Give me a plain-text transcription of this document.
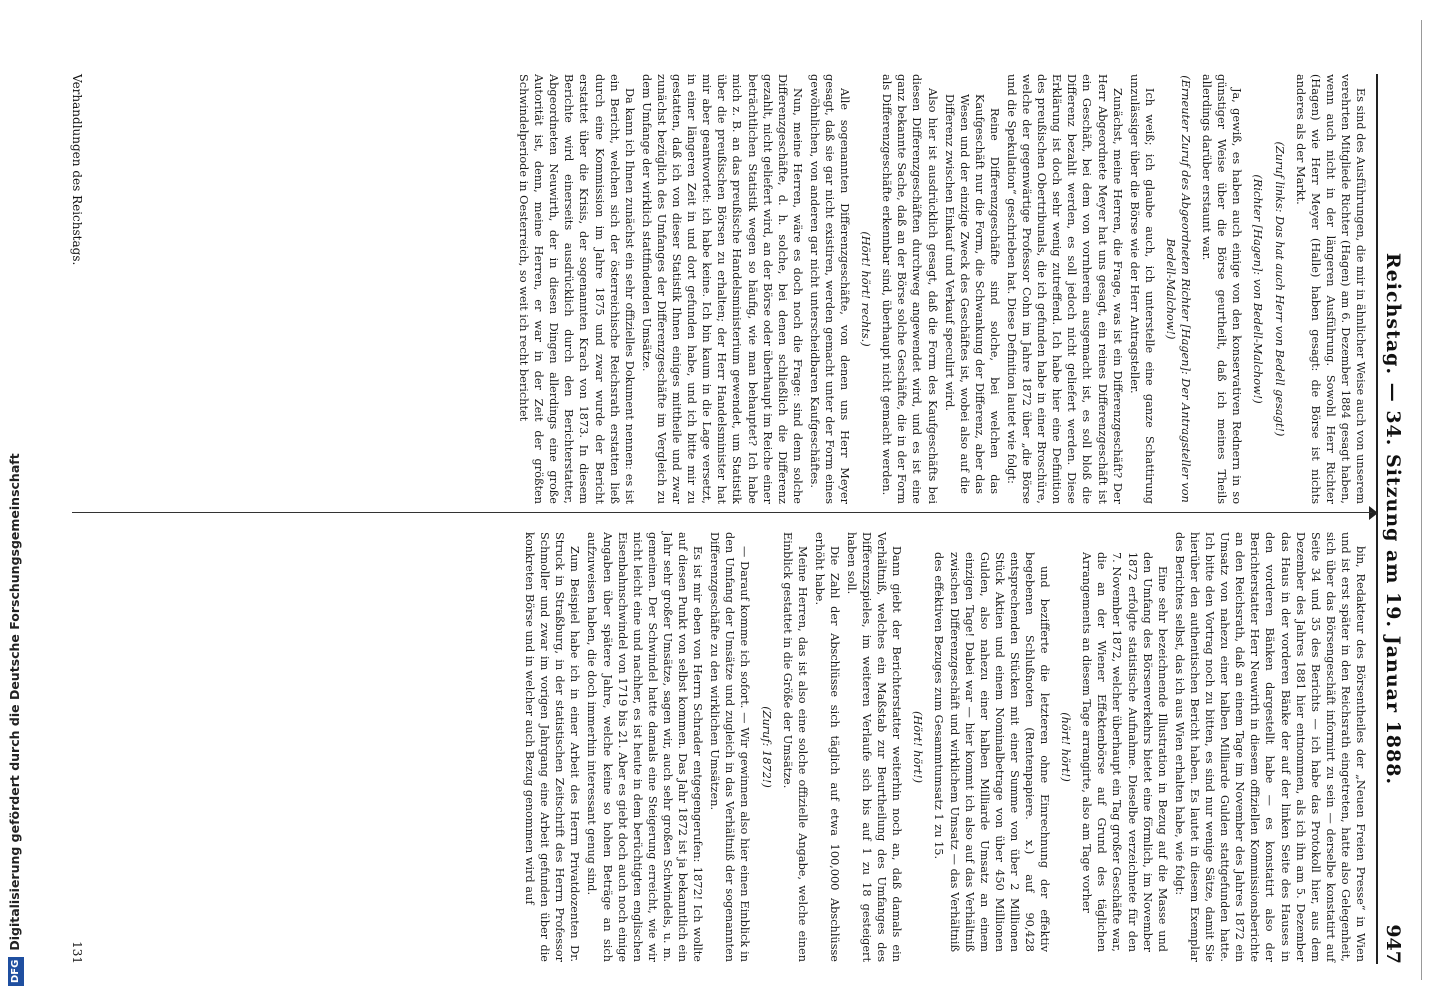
DFGDigitalisierung gefördert durch die Deutsche Forschungsgemeinschaft	Reichstag. — 34. Sitzung am 19. Januar 1888.
947

Es sind des Ausführungen, die mir in ähnlicher Weise auch von unserem verehrten Mitgliede Richter (Hagen) am 6. Dezember 1884 gesagt haben, wenn auch nicht in der längeren Ausführung. Sowohl Herr Richter (Hagen) wie Herr Meyer (Halle) haben gesagt: die Börse ist nichts anderes als der Markt.

(Zuruf links: Das hat auch Herr von Bedell gesagt!)

(Richter [Hagen]: von Bedell-Malchow!)

Ja, gewiß, es haben auch einige von den konservativen Rednern in so günstiger Weise über die Börse geurtheilt, daß ich meines Theils allerdings darüber erstaunt war.

(Erneuter Zuruf des Abgeordneten Richter [Hagen]: Der Antragsteller von Bedell-Malchow!)

Ich weiß; ich glaube auch, ich unterstelle eine ganze Schattirung unzulässiger über die Börse wie der Herr Antragsteller.

Zunächst, meine Herren, die Frage, was ist ein Differenzgeschäft? Der Herr Abgeordnete Meyer hat uns gesagt, ein reines Differenzgeschäft ist ein Geschäft, bei dem von vornherein ausgemacht ist, es soll bloß die Differenz bezahlt werden, es soll jedoch nicht geliefert werden. Diese Erklärung ist doch sehr wenig zutreffend. Ich habe hier eine Definition des preußischen Obertribunals, die ich gefunden habe in einer Broschüre, welche der gegenwärtige Professor Cohn im Jahre 1872 über „die Börse und die Spekulation“ geschrieben hat. Diese Definition lautet wie folgt:

Reine Differenzgeschäfte sind solche, bei welchen das Kaufgeschäft nur die Form, die Schwankung der Differenz, aber das Wesen und der einzige Zweck des Geschäftes ist, wobei also auf die Differenz zwischen Einkauf und Verkauf speculirt wird.

Also hier ist ausdrücklich gesagt, daß die Form des Kaufgeschäfts bei diesen Differenzgeschäften durchweg angewendet wird, und es ist eine ganz bekannte Sache, daß an der Börse solche Geschäfte, die in der Form als Differenzgeschäfte erkennbar sind, überhaupt nicht gemacht werden.

(Hört! hört! rechts.)

Alle sogenannten Differenzgeschäfte, von denen uns Herr Meyer gesagt, daß sie gar nicht existiren, werden gemacht unter der Form eines gewöhnlichen, von anderen gar nicht unterscheidbaren Kaufgeschäftes.

Nun, meine Herren, wäre es doch noch die Frage: sind denn solche Differenzgeschäfte, d. h. solche, bei denen schließlich die Differenz gezahlt, nicht geliefert wird, an der Börse oder überhaupt im Reiche einer beträchtlichen Statistik wegen so häufig, wie man behauptet? Ich habe mich z. B. an das preußische Handelsministerium gewendet, um Statistik über die preußischen Börsen zu erhalten; der Herr Handelsminister hat mir aber geantwortet: ich habe keine. Ich bin kaum in die Lage versetzt, in einer längeren Zeit in und dort gefunden habe, und ich bitte mir zu gestatten, daß ich von dieser Statistik Ihnen einiges mittheile und zwar zunächst bezüglich des Umfanges der Differenzgeschäfte im Vergleich zu dem Umfange der wirklich stattfindenden Umsätze.

Da kann ich Ihnen zunächst ein sehr offizielles Dokument nennen: es ist ein Bericht, welchen sich der österreichische Reichsrath erstatten ließ durch eine Kommission im Jahre 1875 und zwar wurde der Bericht erstattet über die Krisis, der sogenannten Krach von 1873. In diesem Berichte wird einerseits ausdrücklich durch den Berichterstatter, Abgeordneten Neuwirth, der in diesen Dingen allerdings eine große Autorität ist, denn, meine Herren, er war in der Zeit der größten Schwindelperiode in Oesterreich, so weit ich recht berichtet

bin, Redakteur des Börsentheiles der „Neuen Freien Presse“ in Wien und ist erst später in den Reichsrath eingetreten, hatte also Gelegenheit, sich über das Börsengeschäft informirt zu sein — derselbe konstatirt auf Seite 34 und 35 des Berichts — ich habe das Protokoll hier, aus dem Dezember des Jahres 1881 hier entnommen, als ich ihn am 5. Dezember das Haus in der vorderen Bänke der auf der linken Seite des Hauses in den vorderen Bänken dargestellt habe — es konstatirt also der Berichterstatter Herr Neuwirth in diesem offiziellen Kommissionsberichte an den Reichsrath, daß an einem Tage im November des Jahres 1872 ein Umsatz von nahezu einer halben Milliarde Gulden stattgefunden hatte. Ich bitte den Vortrag noch zu bitten, es sind nur wenige Sätze, damit Sie hierüber den authentischen Bericht haben. Es lautet in diesem Exemplar des Berichtes selbst, das ich aus Wien erhalten habe, wie folgt:

Eine sehr bezeichnende Illustration in Bezug auf die Masse und den Umfang des Börsenverkehrs bietet eine förmlich, im November 1872 erfolgte statistische Aufnahme. Dieselbe verzeichnete für den 7. November 1872, welcher überhaupt ein Tag großer Geschäfte war, die an der Wiener Effektenbörse auf Grund des täglichen Arrangements an diesem Tage arrangirte, also am Tage vorher

(hört! hört!)

und bezifferte die letzteren ohne Einrechnung der effektiv begebenen Schlußnoten (Rentenpapiere. x.) auf 90,428 entsprechenden Stücken mit einer Summe von über 2 Millionen Stück Aktien und einem Nominalbetrage von über 450 Millionen Gulden, also nahezu einer halben Milliarde Umsatz an einem einzigen Tage! Dabei war — hier kommt ich also auf das Verhältniß zwischen Differenzgeschäft und wirklichem Umsatz — das Verhältniß des effektiven Bezuges zum Gesammtumsatz 1 zu 15.

(Hört! hört!)

Dann giebt der Berichterstatter weiterhin noch an, daß damals ein Verhältniß, welches ein Maßstab zur Beurtheilung des Umfanges des Differenzspieles, im weiteren Verlaufe sich bis auf 1 zu 18 gesteigert haben soll.

Die Zahl der Abschlüsse sich täglich auf etwa 100,000 Abschlüsse erhöht habe.

Meine Herren, das ist also eine solche offizielle Angabe, welche einen Einblick gestattet in die Größe der Umsätze.

(Zuruf: 1872!)

— Darauf komme ich sofort. — Wir gewinnen also hier einen Einblick in den Umfang der Umsätze und zugleich in das Verhältniß der sogenannten Differenzgeschäfte zu den wirklichen Umsätzen.

Es ist mir eben von Herrn Schrader entgegengerufen: 1872! Ich wollte auf diesen Punkt von selbst kommen. Das Jahr 1872 ist ja bekanntlich ein Jahr sehr großer Umsätze, sagen wir, auch sehr großen Schwindels, u. m. gemeinen. Der Schwindel hatte damals eine Steigerung erreicht, wie wir nicht leicht eine und nachher, es ist heute in dem berüchtigten englischen Eisenbahnschwindel von 1719 bis 21. Aber es giebt doch auch noch einige Angaben über spätere Jahre, welche keine so hohen Beträge an sich aufzuweisen haben, die doch immerhin interessant genug sind.

Zum Beispiel habe ich in einer Arbeit des Herrn Privatdozenten Dr. Struck in Straßburg, in der statistischen Zeitschrift des Herrn Professor Schmoller und zwar im vorigen Jahrgang eine Arbeit gefunden über die konkreten Börse und in welcher auch Bezug genommen wird auf

Verhandlungen des Reichstags.
131
